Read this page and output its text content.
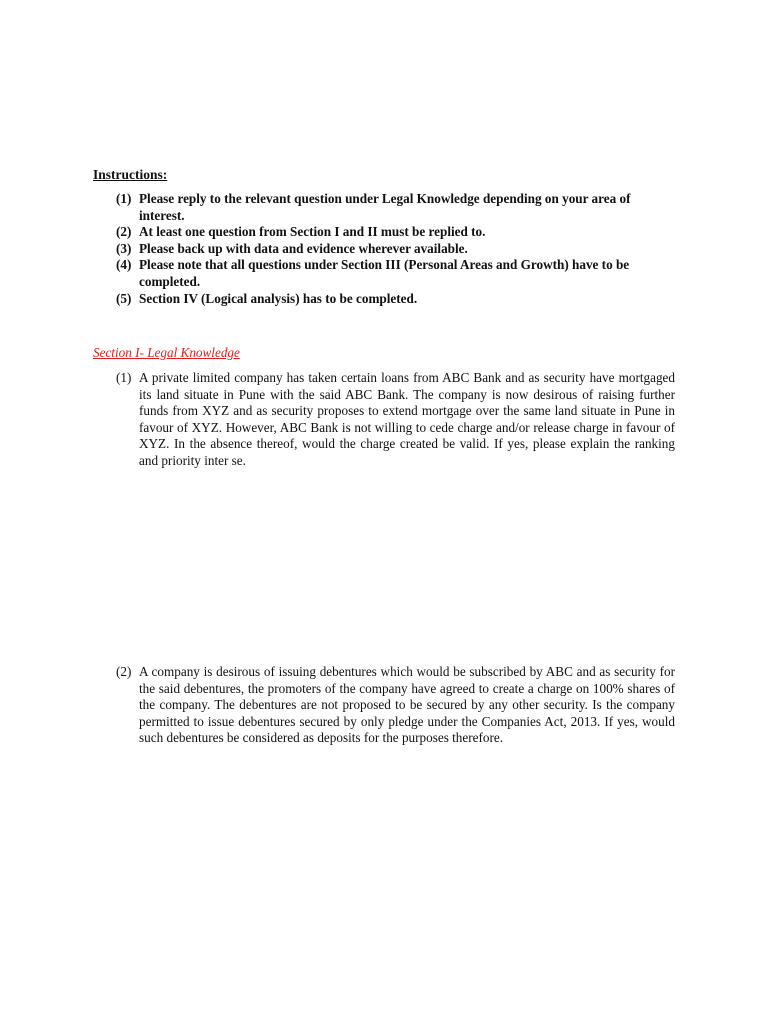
Instructions:

(1) Please reply to the relevant question under Legal Knowledge depending on your area of interest.
(2) At least one question from Section I and II must be replied to.
(3) Please back up with data and evidence wherever available.
(4) Please note that all questions under Section III (Personal Areas and Growth) have to be completed.
(5) Section IV (Logical analysis) has to be completed.

Section I- Legal Knowledge

(1) A private limited company has taken certain loans from ABC Bank and as security have mortgaged its land situate in Pune with the said ABC Bank. The company is now desirous of raising further funds from XYZ and as security proposes to extend mortgage over the same land situate in Pune in favour of XYZ. However, ABC Bank is not willing to cede charge and/or release charge in favour of XYZ. In the absence thereof, would the charge created be valid. If yes, please explain the ranking and priority inter se.
(2) A company is desirous of issuing debentures which would be subscribed by ABC and as security for the said debentures, the promoters of the company have agreed to create a charge on 100% shares of the company. The debentures are not proposed to be secured by any other security. Is the company permitted to issue debentures secured by only pledge under the Companies Act, 2013. If yes, would such debentures be considered as deposits for the purposes therefore.
